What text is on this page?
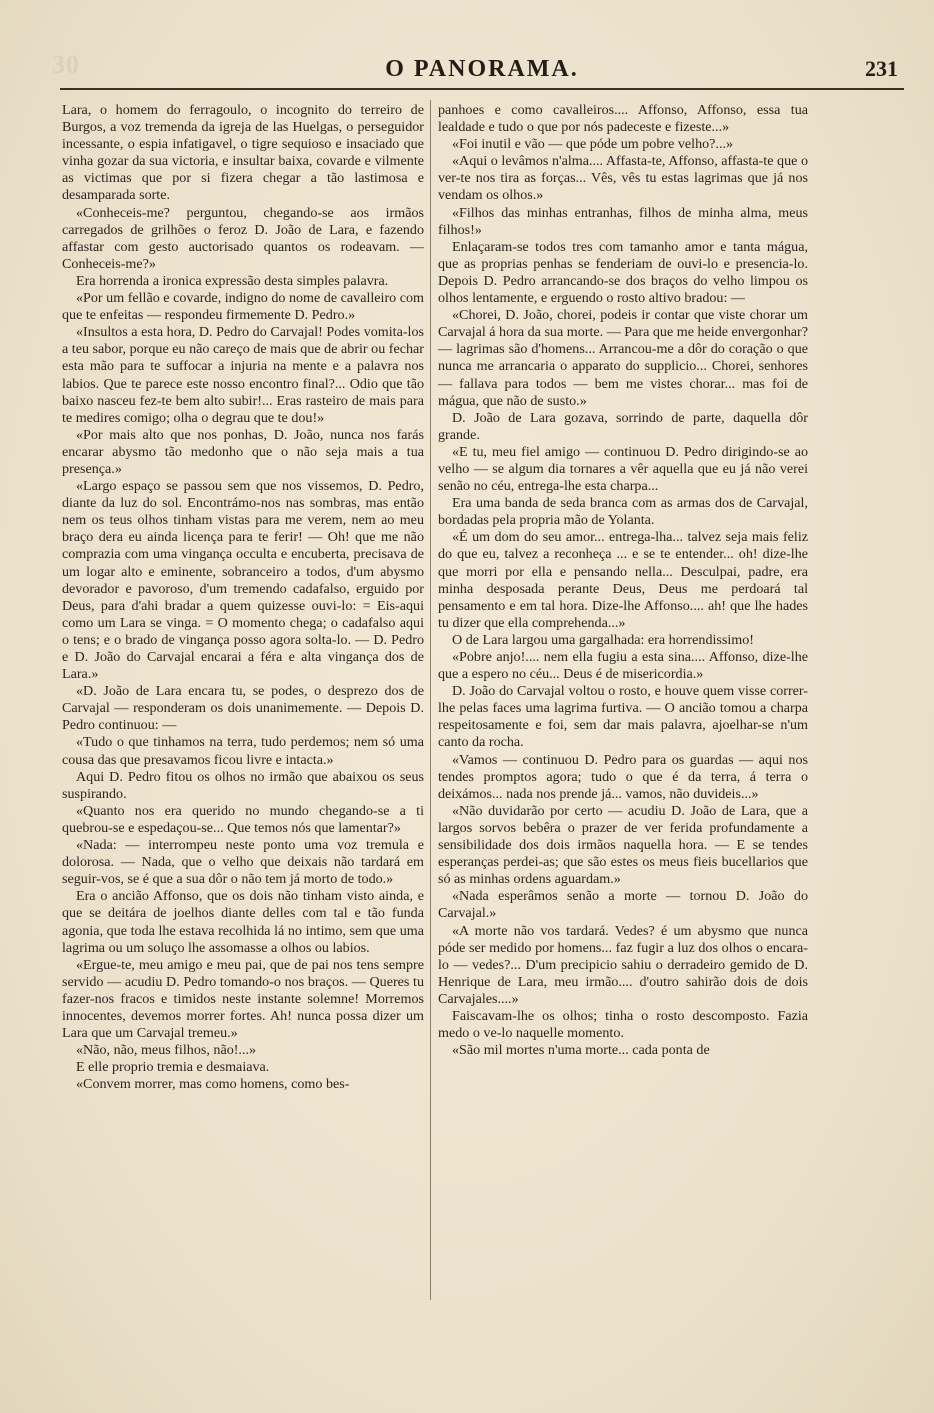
30	O PANORAMA.	231

Lara, o homem do ferragoulo, o incognito do terreiro de Burgos, a voz tremenda da igreja de las Huelgas, o perseguidor incessante, o espia infatigavel, o tigre sequioso e insaciado que vinha gozar da sua victoria, e insultar baixa, covarde e vilmente as victimas que por si fizera chegar a tão lastimosa e desamparada sorte.

«Conheceis-me? perguntou, chegando-se aos irmãos carregados de grilhões o feroz D. João de Lara, e fazendo affastar com gesto auctorisado quantos os rodeavam. — Conheceis-me?»

Era horrenda a ironica expressão desta simples palavra.

«Por um fellão e covarde, indigno do nome de cavalleiro com que te enfeitas — respondeu firmemente D. Pedro.»

«Insultos a esta hora, D. Pedro do Carvajal! Podes vomita-los a teu sabor, porque eu não careço de mais que de abrir ou fechar esta mão para te suffocar a injuria na mente e a palavra nos labios. Que te parece este nosso encontro final?... Odio que tão baixo nasceu fez-te bem alto subir!... Eras rasteiro de mais para te medires comigo; olha o degrau que te dou!»

«Por mais alto que nos ponhas, D. João, nunca nos farás encarar abysmo tão medonho que o não seja mais a tua presença.»

«Largo espaço se passou sem que nos vissemos, D. Pedro, diante da luz do sol. Encontrámo-nos nas sombras, mas então nem os teus olhos tinham vistas para me verem, nem ao meu braço dera eu ainda licença para te ferir! — Oh! que me não comprazia com uma vingança occulta e encuberta, precisava de um logar alto e eminente, sobranceiro a todos, d'um abysmo devorador e pavoroso, d'um tremendo cadafalso, erguido por Deus, para d'ahi bradar a quem quizesse ouvi-lo: = Eis-aqui como um Lara se vinga. = O momento chega; o cadafalso aqui o tens; e o brado de vingança posso agora solta-lo. — D. Pedro e D. João do Carvajal encarai a féra e alta vingança dos de Lara.»

«D. João de Lara encara tu, se podes, o desprezo dos de Carvajal — responderam os dois unanimemente. — Depois D. Pedro continuou: —

«Tudo o que tinhamos na terra, tudo perdemos; nem só uma cousa das que presavamos ficou livre e intacta.»

Aqui D. Pedro fitou os olhos no irmão que abaixou os seus suspirando.

«Quanto nos era querido no mundo chegando-se a ti quebrou-se e espedaçou-se... Que temos nós que lamentar?»

«Nada: — interrompeu neste ponto uma voz tremula e dolorosa. — Nada, que o velho que deixais não tardará em seguir-vos, se é que a sua dôr o não tem já morto de todo.»

Era o ancião Affonso, que os dois não tinham visto ainda, e que se deitára de joelhos diante delles com tal e tão funda agonia, que toda lhe estava recolhida lá no intimo, sem que uma lagrima ou um soluço lhe assomasse a olhos ou labios.

«Ergue-te, meu amigo e meu pai, que de pai nos tens sempre servido — acudiu D. Pedro tomando-o nos braços. — Queres tu fazer-nos fracos e timidos neste instante solemne! Morremos innocentes, devemos morrer fortes. Ah! nunca possa dizer um Lara que um Carvajal tremeu.»

«Não, não, meus filhos, não!...»

E elle proprio tremia e desmaiava.

«Convem morrer, mas como homens, como bes-

panhoes e como cavalleiros.... Affonso, Affonso, essa tua lealdade e tudo o que por nós padeceste e fizeste...»

«Foi inutil e vão — que póde um pobre velho?...»

«Aqui o levâmos n'alma.... Affasta-te, Affonso, affasta-te que o ver-te nos tira as forças... Vês, vês tu estas lagrimas que já nos vendam os olhos.»

«Filhos das minhas entranhas, filhos de minha alma, meus filhos!»

Enlaçaram-se todos tres com tamanho amor e tanta mágua, que as proprias penhas se fenderiam de ouvi-lo e presencia-lo. Depois D. Pedro arrancando-se dos braços do velho limpou os olhos lentamente, e erguendo o rosto altivo bradou: —

«Chorei, D. João, chorei, podeis ir contar que viste chorar um Carvajal á hora da sua morte. — Para que me heide envergonhar? — lagrimas são d'homens... Arrancou-me a dôr do coração o que nunca me arrancaria o apparato do supplicio... Chorei, senhores — fallava para todos — bem me vistes chorar... mas foi de mágua, que não de susto.»

D. João de Lara gozava, sorrindo de parte, daquella dôr grande.

«E tu, meu fiel amigo — continuou D. Pedro dirigindo-se ao velho — se algum dia tornares a vêr aquella que eu já não verei senão no céu, entrega-lhe esta charpa...

Era uma banda de seda branca com as armas dos de Carvajal, bordadas pela propria mão de Yolanta.

«É um dom do seu amor... entrega-lha... talvez seja mais feliz do que eu, talvez a reconheça ... e se te entender... oh! dize-lhe que morri por ella e pensando nella... Desculpai, padre, era minha desposada perante Deus, Deus me perdoará tal pensamento e em tal hora. Dize-lhe Affonso.... ah! que lhe hades tu dizer que ella comprehenda...»

O de Lara largou uma gargalhada: era horrendissimo!

«Pobre anjo!.... nem ella fugiu a esta sina.... Affonso, dize-lhe que a espero no céu... Deus é de misericordia.»

D. João do Carvajal voltou o rosto, e houve quem visse correr-lhe pelas faces uma lagrima furtiva. — O ancião tomou a charpa respeitosamente e foi, sem dar mais palavra, ajoelhar-se n'um canto da rocha.

«Vamos — continuou D. Pedro para os guardas — aqui nos tendes promptos agora; tudo o que é da terra, á terra o deixámos... nada nos prende já... vamos, não duvideis...»

«Não duvidarão por certo — acudiu D. João de Lara, que a largos sorvos bebêra o prazer de ver ferida profundamente a sensibilidade dos dois irmãos naquella hora. — E se tendes esperanças perdei-as; que são estes os meus fieis bucellarios que só as minhas ordens aguardam.»

«Nada esperâmos senão a morte — tornou D. João do Carvajal.»

«A morte não vos tardará. Vedes? é um abysmo que nunca póde ser medido por homens... faz fugir a luz dos olhos o encara-lo — vedes?... D'um precipicio sahiu o derradeiro gemido de D. Henrique de Lara, meu irmão.... d'outro sahirão dois de dois Carvajales....»

Faiscavam-lhe os olhos; tinha o rosto descomposto. Fazia medo o ve-lo naquelle momento.

«São mil mortes n'uma morte... cada ponta de
